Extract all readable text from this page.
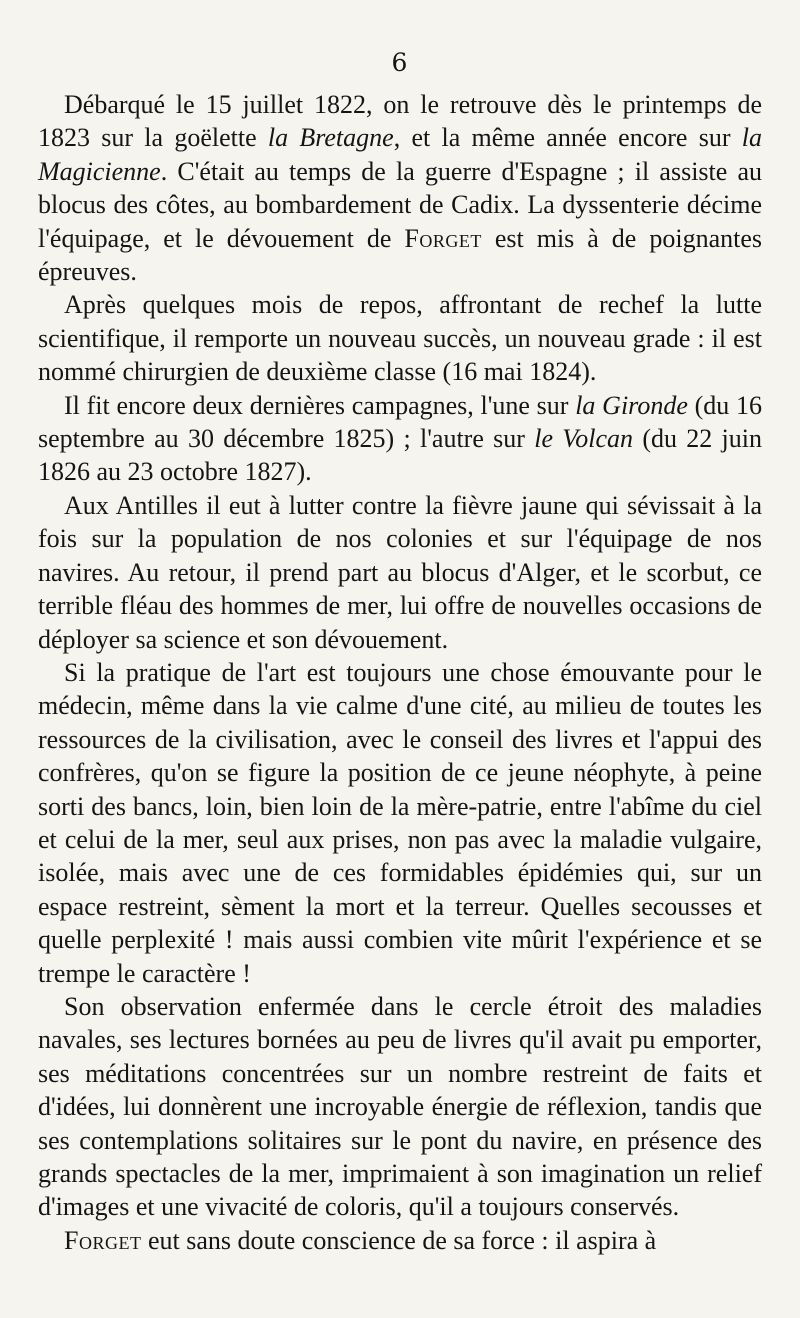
6

Débarqué le 15 juillet 1822, on le retrouve dès le printemps de 1823 sur la goëlette la Bretagne, et la même année encore sur la Magicienne. C'était au temps de la guerre d'Espagne ; il assiste au blocus des côtes, au bombardement de Cadix. La dyssenterie décime l'équipage, et le dévouement de Forget est mis à de poignantes épreuves.

Après quelques mois de repos, affrontant de rechef la lutte scientifique, il remporte un nouveau succès, un nouveau grade : il est nommé chirurgien de deuxième classe (16 mai 1824).

Il fit encore deux dernières campagnes, l'une sur la Gironde (du 16 septembre au 30 décembre 1825) ; l'autre sur le Volcan (du 22 juin 1826 au 23 octobre 1827).

Aux Antilles il eut à lutter contre la fièvre jaune qui sévissait à la fois sur la population de nos colonies et sur l'équipage de nos navires. Au retour, il prend part au blocus d'Alger, et le scorbut, ce terrible fléau des hommes de mer, lui offre de nouvelles occasions de déployer sa science et son dévouement.

Si la pratique de l'art est toujours une chose émouvante pour le médecin, même dans la vie calme d'une cité, au milieu de toutes les ressources de la civilisation, avec le conseil des livres et l'appui des confrères, qu'on se figure la position de ce jeune néophyte, à peine sorti des bancs, loin, bien loin de la mère-patrie, entre l'abîme du ciel et celui de la mer, seul aux prises, non pas avec la maladie vulgaire, isolée, mais avec une de ces formidables épidémies qui, sur un espace restreint, sèment la mort et la terreur. Quelles secousses et quelle perplexité ! mais aussi combien vite mûrit l'expérience et se trempe le caractère !

Son observation enfermée dans le cercle étroit des maladies navales, ses lectures bornées au peu de livres qu'il avait pu emporter, ses méditations concentrées sur un nombre restreint de faits et d'idées, lui donnèrent une incroyable énergie de réflexion, tandis que ses contemplations solitaires sur le pont du navire, en présence des grands spectacles de la mer, imprimaient à son imagination un relief d'images et une vivacité de coloris, qu'il a toujours conservés.

Forget eut sans doute conscience de sa force : il aspira à
